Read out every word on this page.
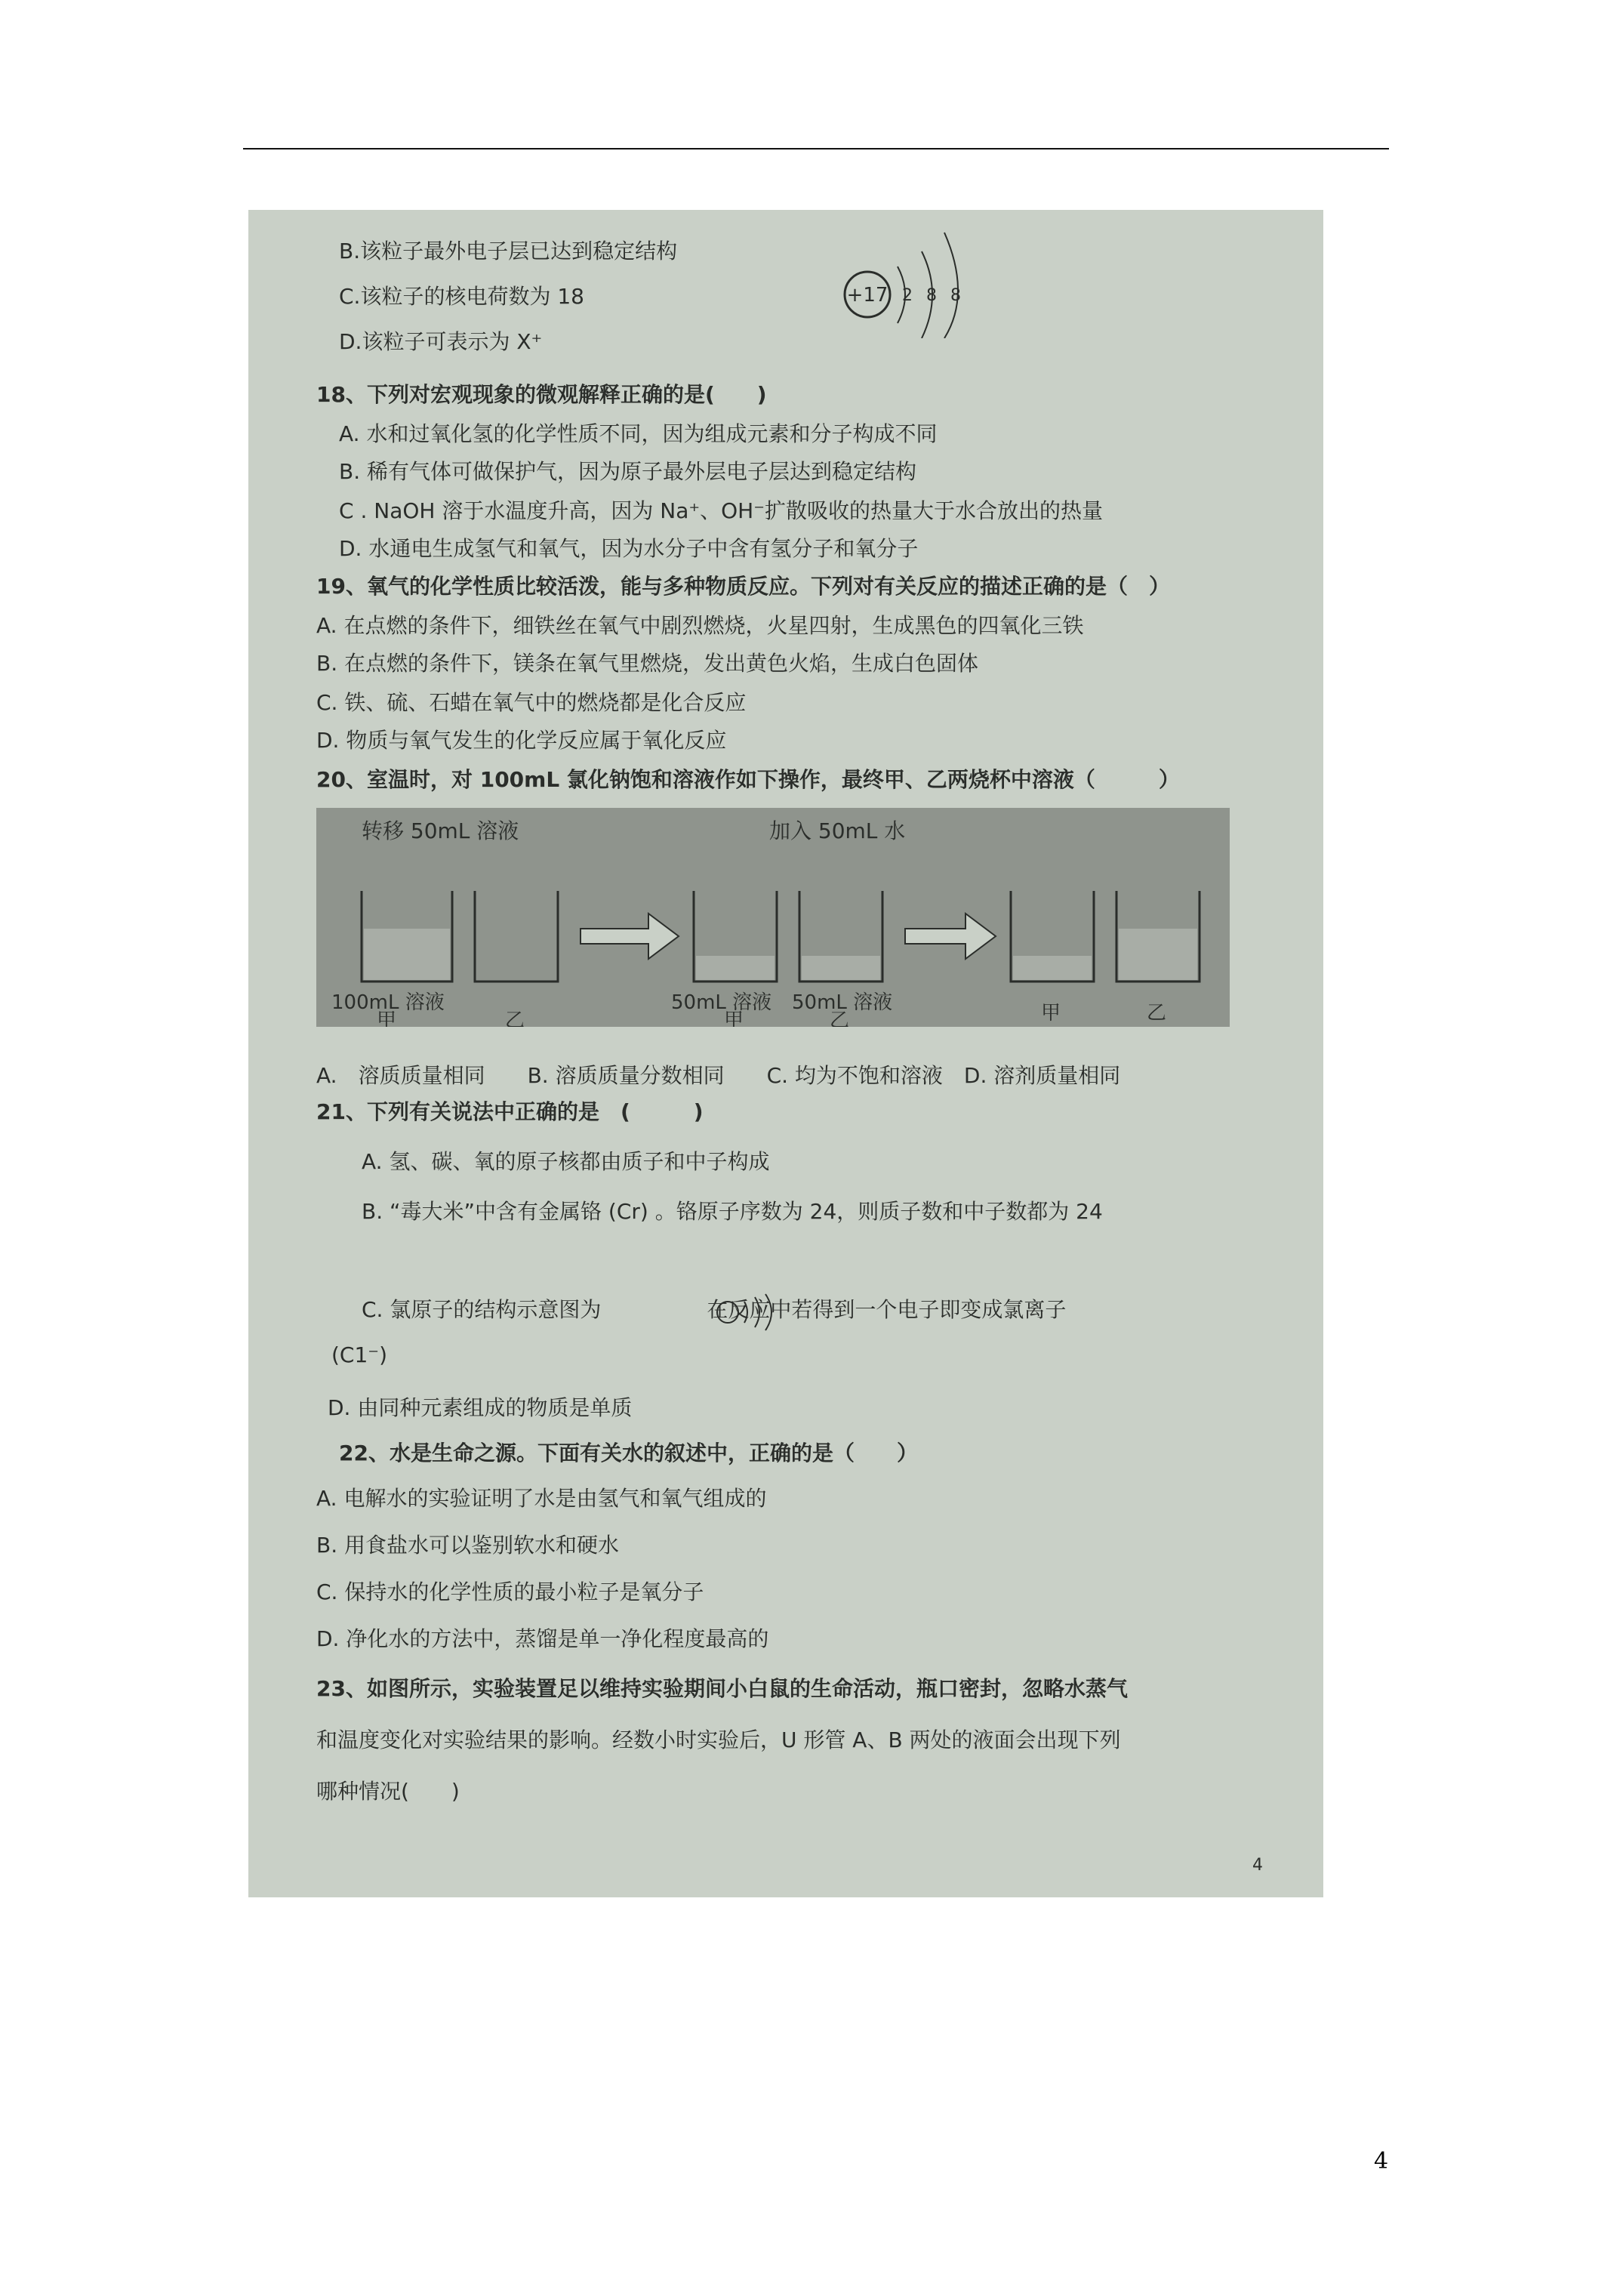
B.该粒子最外电子层已达到稳定结构
C.该粒子的核电荷数为 18
D.该粒子可表示为 X⁺
+17 2 8 8
18、下列对宏观现象的微观解释正确的是(　　)
A. 水和过氧化氢的化学性质不同，因为组成元素和分子构成不同
B. 稀有气体可做保护气，因为原子最外层电子层达到稳定结构
C . NaOH 溶于水温度升高，因为 Na⁺、OH⁻扩散吸收的热量大于水合放出的热量
D. 水通电生成氢气和氧气，因为水分子中含有氢分子和氧分子
19、氧气的化学性质比较活泼，能与多种物质反应。下列对有关反应的描述正确的是（　）
A. 在点燃的条件下，细铁丝在氧气中剧烈燃烧，火星四射，生成黑色的四氧化三铁
B. 在点燃的条件下，镁条在氧气里燃烧，发出黄色火焰，生成白色固体
C. 铁、硫、石蜡在氧气中的燃烧都是化合反应
D. 物质与氧气发生的化学反应属于氧化反应
20、室温时，对 100mL 氯化钠饱和溶液作如下操作，最终甲、乙两烧杯中溶液（　　　）
转移 50mL 溶液	加入 50mL 水
100mL 溶液	50mL 溶液 50mL 溶液
甲	乙	甲	乙	甲	乙
A.　溶质质量相同　　B. 溶质质量分数相同　　C. 均为不饱和溶液　D. 溶剂质量相同
21、下列有关说法中正确的是　(　　　)
A. 氢、碳、氧的原子核都由质子和中子构成
B. “毒大米”中含有金属铬 (Cr) 。铬原子序数为 24，则质子数和中子数都为 24
C. 氯原子的结构示意图为　　　　　在反应中若得到一个电子即变成氯离子
(C1⁻)
D. 由同种元素组成的物质是单质
22、水是生命之源。下面有关水的叙述中，正确的是（　　）
A. 电解水的实验证明了水是由氢气和氧气组成的
B. 用食盐水可以鉴别软水和硬水
C. 保持水的化学性质的最小粒子是氧分子
D. 净化水的方法中，蒸馏是单一净化程度最高的
23、如图所示，实验装置足以维持实验期间小白鼠的生命活动，瓶口密封，忽略水蒸气
和温度变化对实验结果的影响。经数小时实验后，U 形管 A、B 两处的液面会出现下列
哪种情况(　　)
4
4
